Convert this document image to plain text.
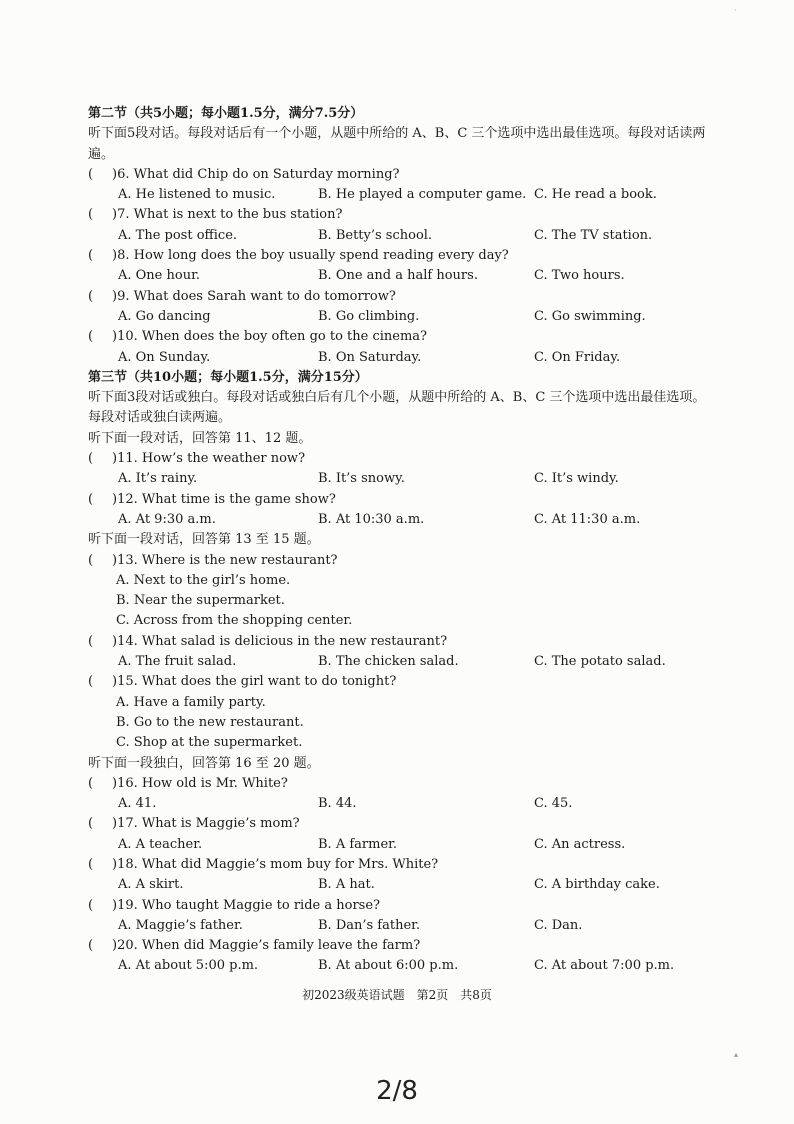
第二节（共5小题；每小题1.5分，满分7.5分）
听下面5段对话。每段对话后有一个小题，从题中所给的 A、B、C 三个选项中选出最佳选项。每段对话读两遍。
(	)6. What did Chip do on Saturday morning?
A. He listened to music.	B. He played a computer game. C. He read a book.
(	)7. What is next to the bus station?
A. The post office.	B. Betty’s school.	C. The TV station.
(	)8. How long does the boy usually spend reading every day?
A. One hour.	B. One and a half hours.	C. Two hours.
(	)9. What does Sarah want to do tomorrow?
A. Go dancing	B. Go climbing.	C. Go swimming.
(	)10. When does the boy often go to the cinema?
A. On Sunday.	B. On Saturday.	C. On Friday.
第三节（共10小题；每小题1.5分，满分15分）
听下面3段对话或独白。每段对话或独白后有几个小题，从题中所给的 A、B、C 三个选项中选出最佳选项。每段对话或独白读两遍。
听下面一段对话，回答第 11、12 题。
(	)11. How’s the weather now?
A. It’s rainy.	B. It’s snowy.	C. It’s windy.
(	)12. What time is the game show?
A. At 9:30 a.m.	B. At 10:30 a.m.	C. At 11:30 a.m.
听下面一段对话，回答第 13 至 15 题。
(	)13. Where is the new restaurant?
A. Next to the girl’s home.
B. Near the supermarket.
C. Across from the shopping center.
(	)14. What salad is delicious in the new restaurant?
A. The fruit salad.	B. The chicken salad.	C. The potato salad.
(	)15. What does the girl want to do tonight?
A. Have a family party.
B. Go to the new restaurant.
C. Shop at the supermarket.
听下面一段独白，回答第 16 至 20 题。
(	)16. How old is Mr. White?
A. 41.	B. 44.	C. 45.
(	)17. What is Maggie’s mom?
A. A teacher.	B. A farmer.	C. An actress.
(	)18. What did Maggie’s mom buy for Mrs. White?
A. A skirt.	B. A hat.	C. A birthday cake.
(	)19. Who taught Maggie to ride a horse?
A. Maggie’s father.	B. Dan’s father.	C. Dan.
(	)20. When did Maggie’s family leave the farm?
A. At about 5:00 p.m.	B. At about 6:00 p.m.	C. At about 7:00 p.m.
初2023级英语试题　第2页　共8页
2/8
·
▴
